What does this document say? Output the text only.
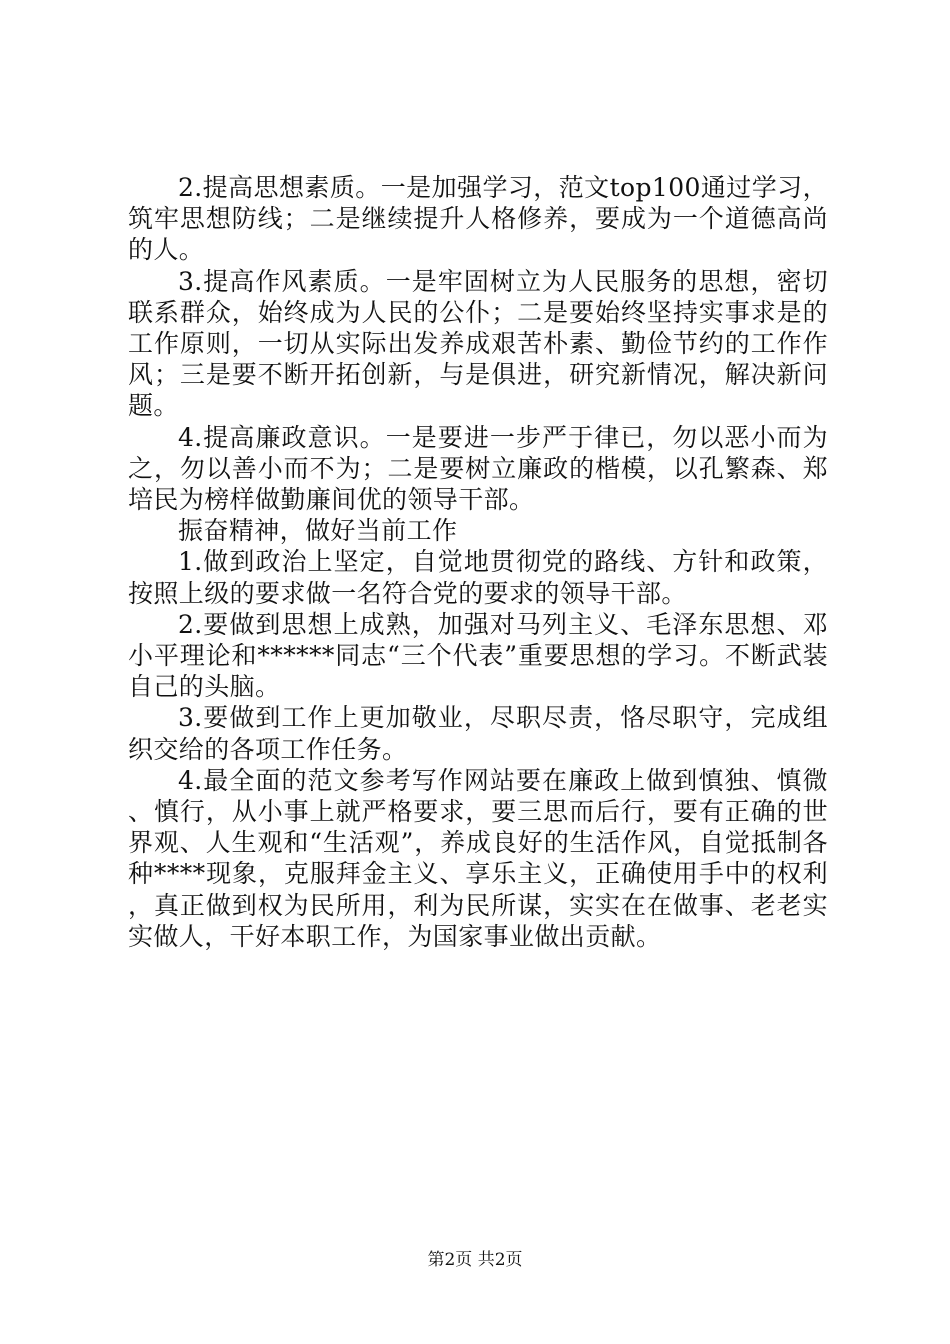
2.提高思想素质。一是加强学习，范文top100通过学习，筑牢思想防线；二是继续提升人格修养，要成为一个道德高尚的人。

3.提高作风素质。一是牢固树立为人民服务的思想，密切联系群众，始终成为人民的公仆；二是要始终坚持实事求是的工作原则，一切从实际出发养成艰苦朴素、勤俭节约的工作作风；三是要不断开拓创新，与是俱进，研究新情况，解决新问题。

4.提高廉政意识。一是要进一步严于律已，勿以恶小而为之，勿以善小而不为；二是要树立廉政的楷模，以孔繁森、郑培民为榜样做勤廉间优的领导干部。

振奋精神，做好当前工作

1.做到政治上坚定，自觉地贯彻党的路线、方针和政策，按照上级的要求做一名符合党的要求的领导干部。

2.要做到思想上成熟，加强对马列主义、毛泽东思想、邓小平理论和******同志“三个代表”重要思想的学习。不断武装自己的头脑。

3.要做到工作上更加敬业，尽职尽责，恪尽职守，完成组织交给的各项工作任务。

4.最全面的范文参考写作网站要在廉政上做到慎独、慎微、慎行，从小事上就严格要求，要三思而后行，要有正确的世界观、人生观和“生活观”，养成良好的生活作风，自觉抵制各种****现象，克服拜金主义、享乐主义，正确使用手中的权利，真正做到权为民所用，利为民所谋，实实在在做事、老老实实做人，干好本职工作，为国家事业做出贡献。

第2页 共2页
